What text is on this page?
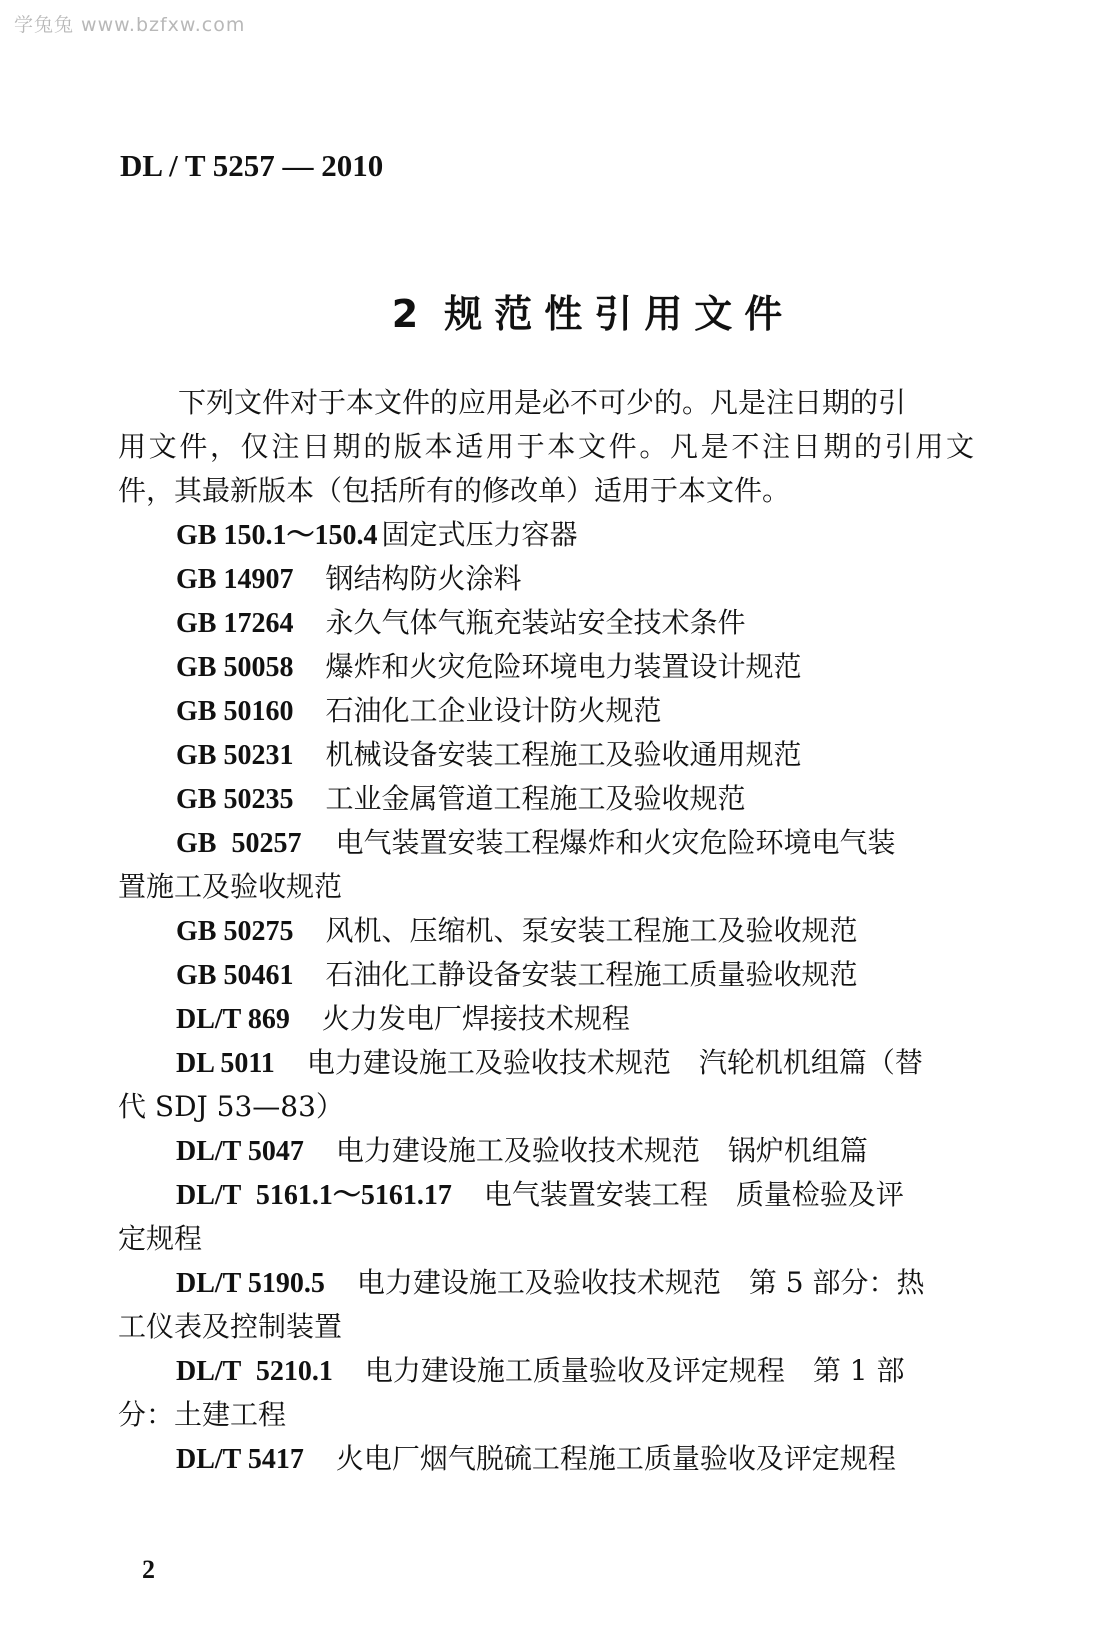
学兔兔 www.bzfxw.com
DL / T 5257 — 2010
2 规范性引用文件
下列文件对于本文件的应用是必不可少的。凡是注日期的引
用文件，仅注日期的版本适用于本文件。凡是不注日期的引用文
件，其最新版本（包括所有的修改单）适用于本文件。
GB 150.1～150.4 固定式压力容器
GB 14907 钢结构防火涂料
GB 17264 永久气体气瓶充装站安全技术条件
GB 50058 爆炸和火灾危险环境电力装置设计规范
GB 50160 石油化工企业设计防火规范
GB 50231 机械设备安装工程施工及验收通用规范
GB 50235 工业金属管道工程施工及验收规范
GB 50257 电气装置安装工程爆炸和火灾危险环境电气装
置施工及验收规范
GB 50275 风机、压缩机、泵安装工程施工及验收规范
GB 50461 石油化工静设备安装工程施工质量验收规范
DL/T 869 火力发电厂焊接技术规程
DL 5011 电力建设施工及验收技术规范　汽轮机机组篇（替
代 SDJ 53—83）
DL/T 5047 电力建设施工及验收技术规范　锅炉机组篇
DL/T 5161.1～5161.17 电气装置安装工程　质量检验及评
定规程
DL/T 5190.5 电力建设施工及验收技术规范　第 5 部分：热
工仪表及控制装置
DL/T 5210.1 电力建设施工质量验收及评定规程　第 1 部
分：土建工程
DL/T 5417 火电厂烟气脱硫工程施工质量验收及评定规程
2
